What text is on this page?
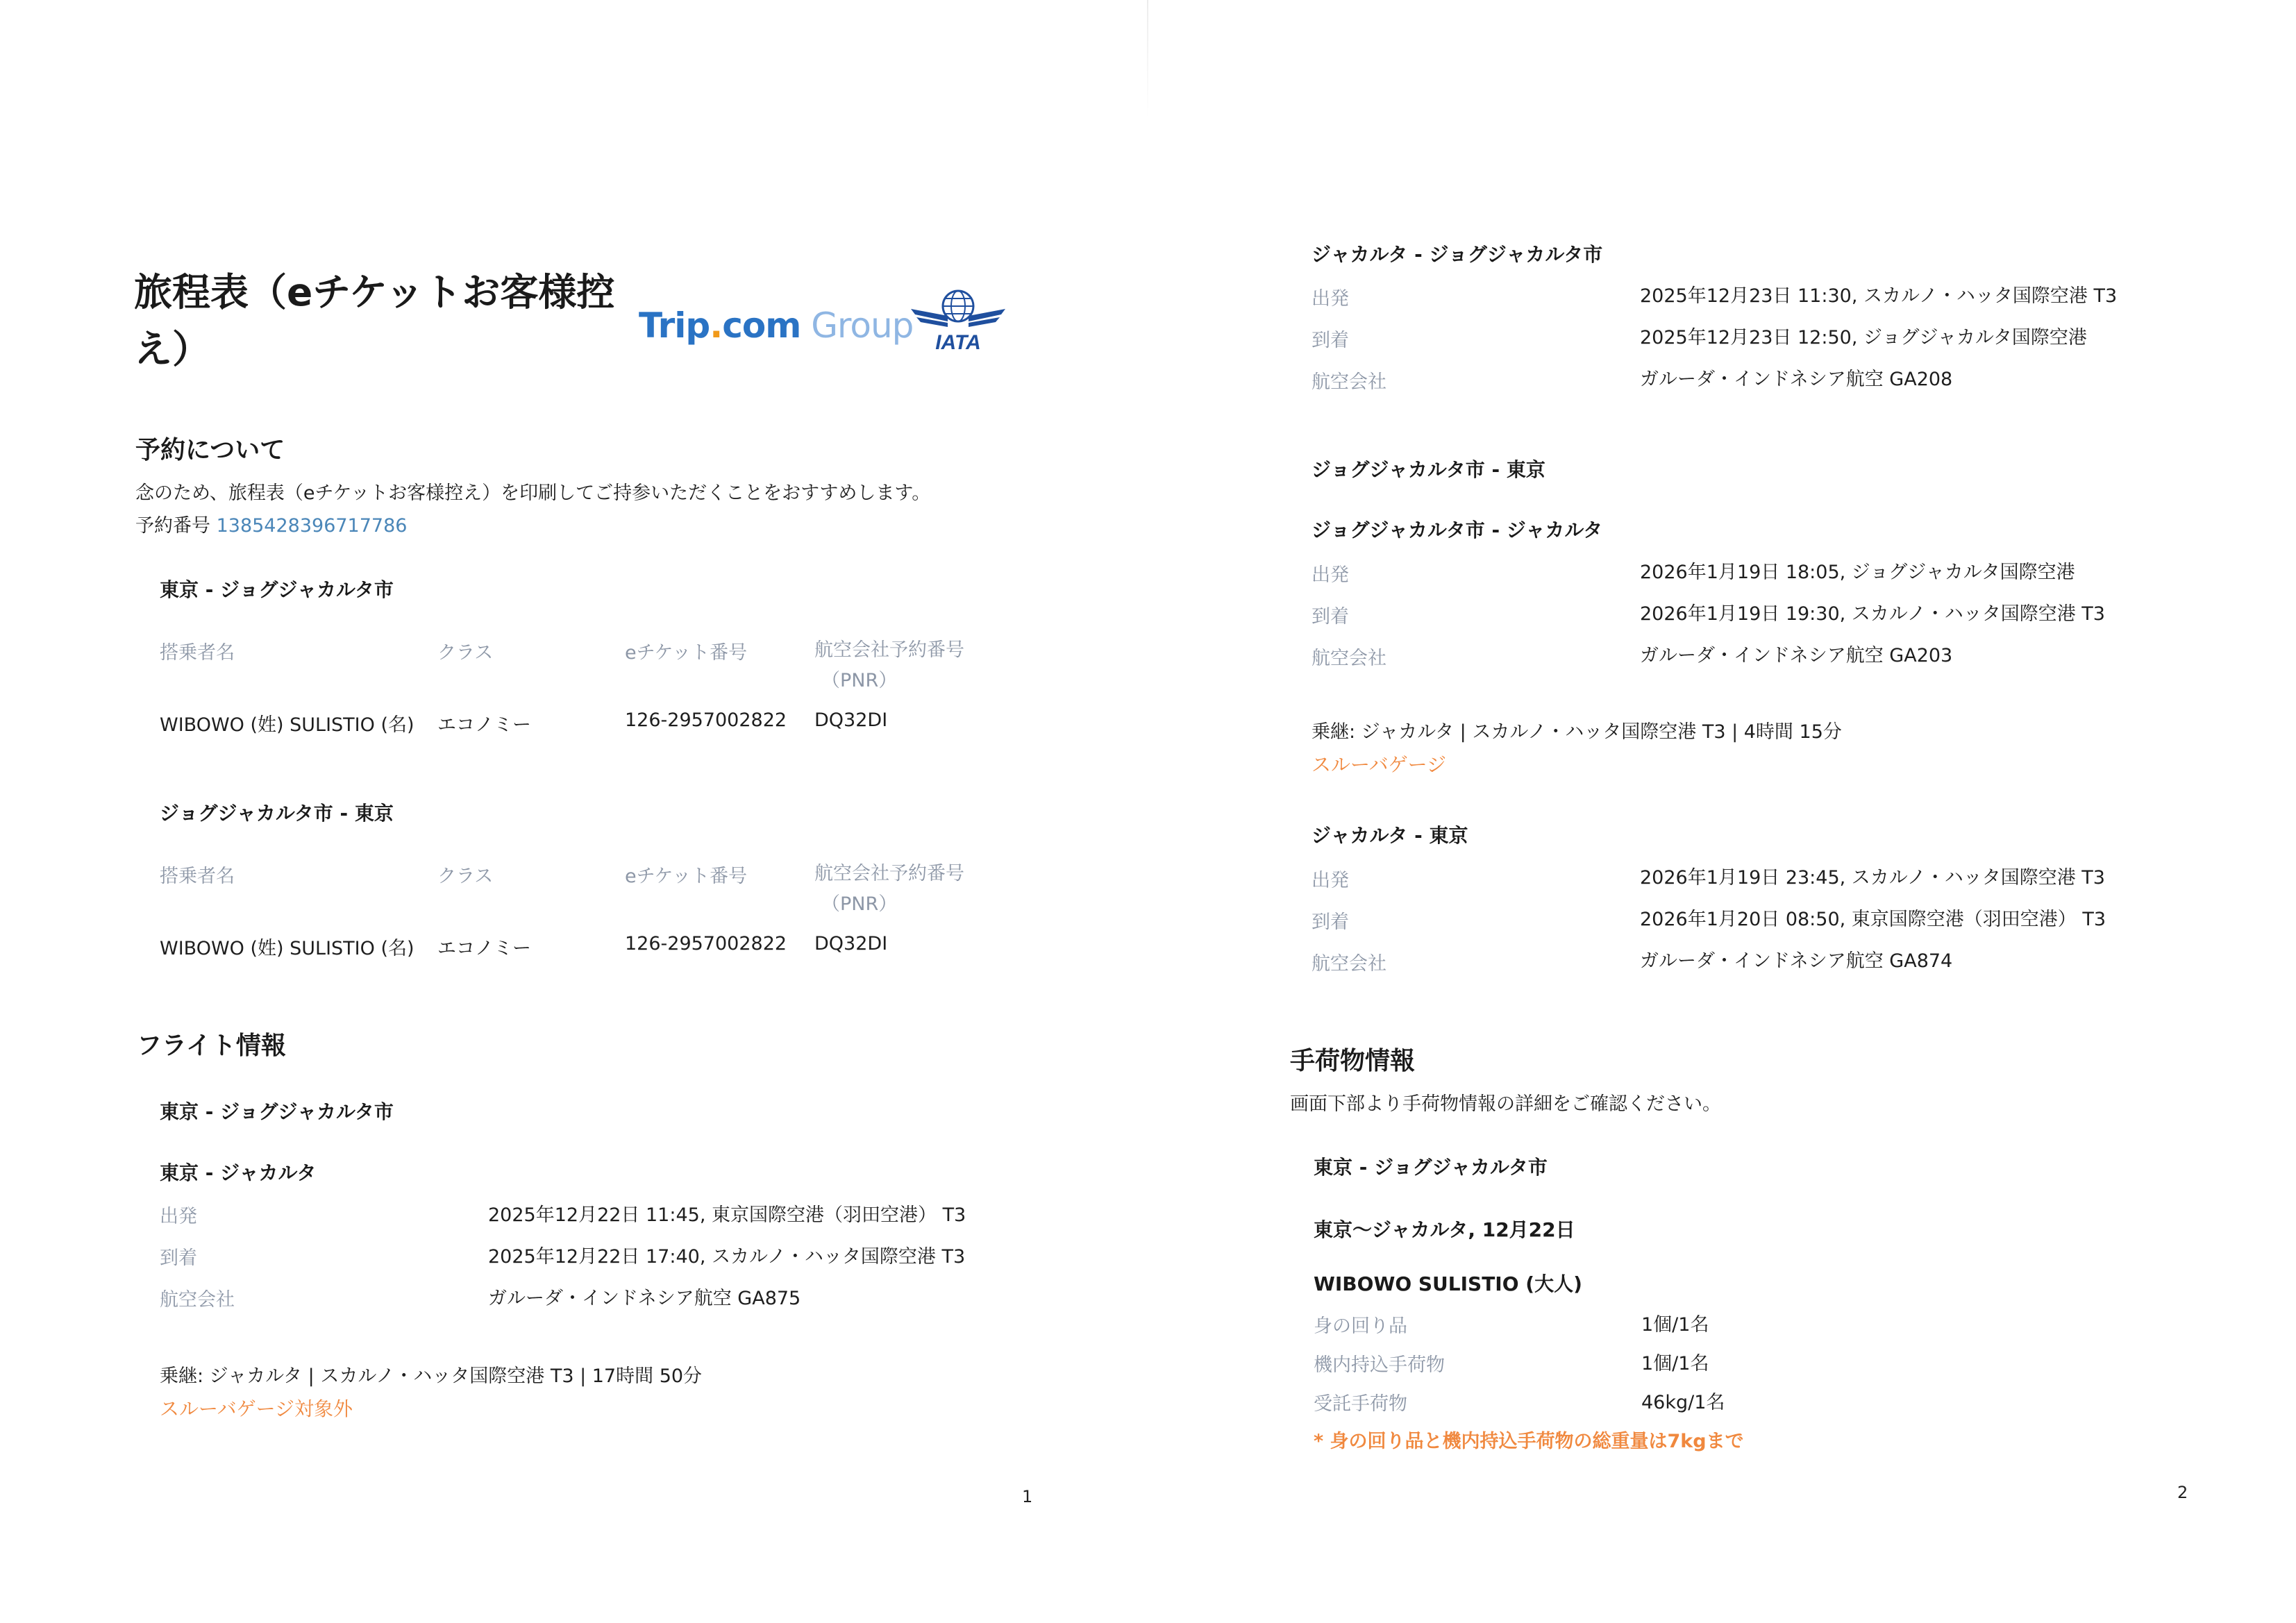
旅程表（eチケットお客様控
え）
Trip.com Group IATA
予約について
念のため、旅程表（eチケットお客様控え）を印刷してご持参いただくことをおすすめします。
予約番号 1385428396717786
東京 - ジョグジャカルタ市
搭乗者名	クラス	eチケット番号	航空会社予約番号
（PNR）
WIBOWO (姓) SULISTIO (名) エコノミー	126-2957002822 DQ32DI
ジョグジャカルタ市 - 東京
搭乗者名	クラス	eチケット番号	航空会社予約番号
（PNR）
WIBOWO (姓) SULISTIO (名) エコノミー	126-2957002822 DQ32DI
フライト情報
東京 - ジョグジャカルタ市
東京 - ジャカルタ
出発	2025年12月22日 11:45, 東京国際空港（羽田空港） T3
到着	2025年12月22日 17:40, スカルノ・ハッタ国際空港 T3
航空会社	ガルーダ・インドネシア航空 GA875
乗継: ジャカルタ | スカルノ・ハッタ国際空港 T3 | 17時間 50分
スルーバゲージ対象外
1
ジャカルタ - ジョグジャカルタ市
出発	2025年12月23日 11:30, スカルノ・ハッタ国際空港 T3
到着	2025年12月23日 12:50, ジョグジャカルタ国際空港
航空会社	ガルーダ・インドネシア航空 GA208
ジョグジャカルタ市 - 東京
ジョグジャカルタ市 - ジャカルタ
出発	2026年1月19日 18:05, ジョグジャカルタ国際空港
到着	2026年1月19日 19:30, スカルノ・ハッタ国際空港 T3
航空会社	ガルーダ・インドネシア航空 GA203
乗継: ジャカルタ | スカルノ・ハッタ国際空港 T3 | 4時間 15分
スルーバゲージ
ジャカルタ - 東京
出発	2026年1月19日 23:45, スカルノ・ハッタ国際空港 T3
到着	2026年1月20日 08:50, 東京国際空港（羽田空港） T3
航空会社	ガルーダ・インドネシア航空 GA874
手荷物情報
画面下部より手荷物情報の詳細をご確認ください。
東京 - ジョグジャカルタ市
東京〜ジャカルタ, 12月22日
WIBOWO SULISTIO (大人)
身の回り品	1個/1名
機内持込手荷物	1個/1名
受託手荷物	46kg/1名
* 身の回り品と機内持込手荷物の総重量は7kgまで
2
